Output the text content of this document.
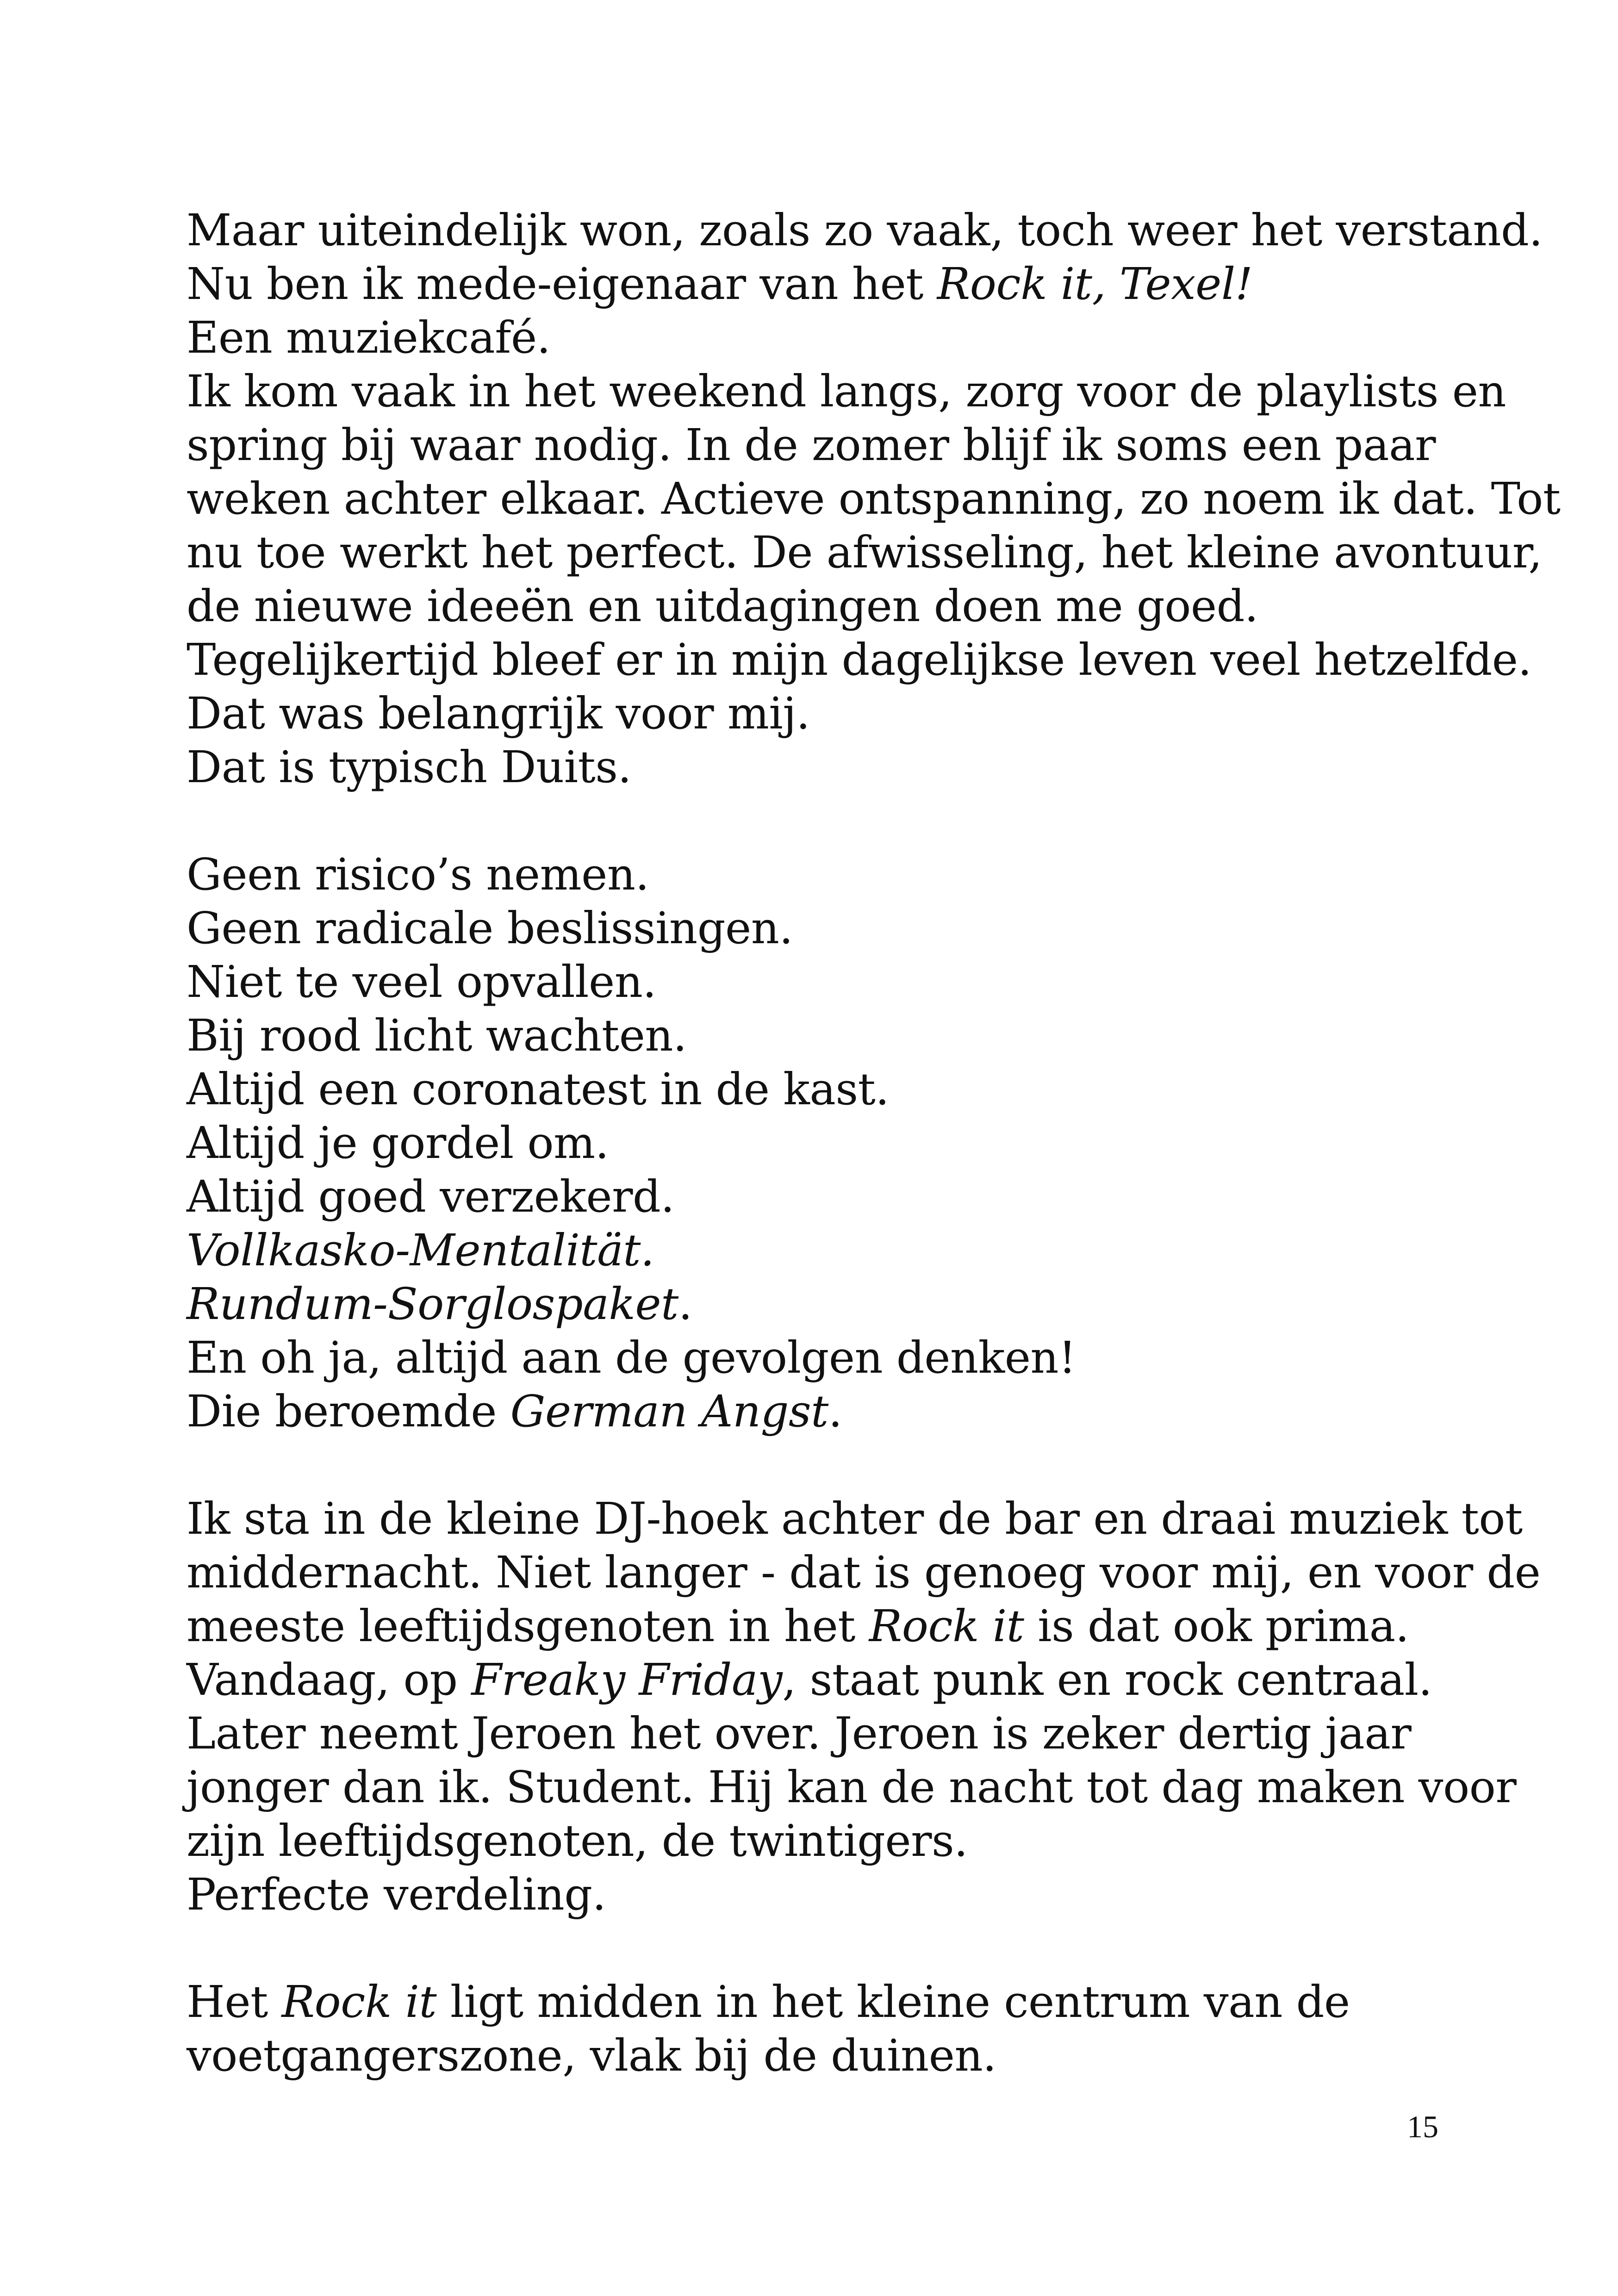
Maar uiteindelijk won, zoals zo vaak, toch weer het verstand.
Nu ben ik mede-eigenaar van het Rock it, Texel!
Een muziekcafé.
Ik kom vaak in het weekend langs, zorg voor de playlists en
spring bij waar nodig. In de zomer blijf ik soms een paar
weken achter elkaar. Actieve ontspanning, zo noem ik dat. Tot
nu toe werkt het perfect. De afwisseling, het kleine avontuur,
de nieuwe ideeën en uitdagingen doen me goed.
Tegelijkertijd bleef er in mijn dagelijkse leven veel hetzelfde.
Dat was belangrijk voor mij.
Dat is typisch Duits.
Geen risico’s nemen.
Geen radicale beslissingen.
Niet te veel opvallen.
Bij rood licht wachten.
Altijd een coronatest in de kast.
Altijd je gordel om.
Altijd goed verzekerd.
Vollkasko-Mentalität.
Rundum-Sorglospaket.
En oh ja, altijd aan de gevolgen denken!
Die beroemde German Angst.
Ik sta in de kleine DJ-hoek achter de bar en draai muziek tot
middernacht. Niet langer - dat is genoeg voor mij, en voor de
meeste leeftijdsgenoten in het Rock it is dat ook prima.
Vandaag, op Freaky Friday, staat punk en rock centraal.
Later neemt Jeroen het over. Jeroen is zeker dertig jaar
jonger dan ik. Student. Hij kan de nacht tot dag maken voor
zijn leeftijdsgenoten, de twintigers.
Perfecte verdeling.
Het Rock it ligt midden in het kleine centrum van de
voetgangerszone, vlak bij de duinen.
15
